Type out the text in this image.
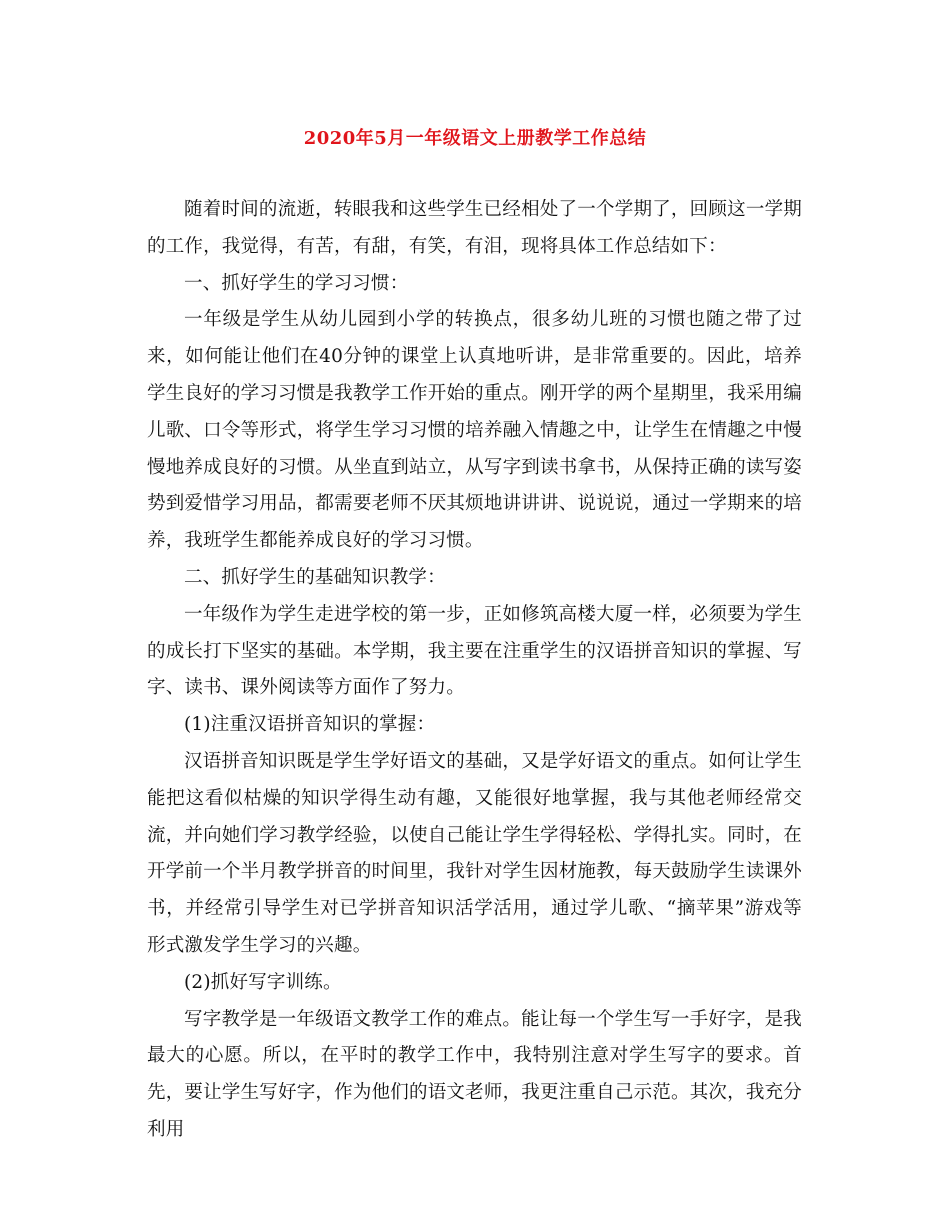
2020年5月一年级语文上册教学工作总结

随着时间的流逝，转眼我和这些学生已经相处了一个学期了，回顾这一学期的工作，我觉得，有苦，有甜，有笑，有泪，现将具体工作总结如下：

一、抓好学生的学习习惯：

一年级是学生从幼儿园到小学的转换点，很多幼儿班的习惯也随之带了过来，如何能让他们在40分钟的课堂上认真地听讲，是非常重要的。因此，培养学生良好的学习习惯是我教学工作开始的重点。刚开学的两个星期里，我采用编儿歌、口令等形式，将学生学习习惯的培养融入情趣之中，让学生在情趣之中慢慢地养成良好的习惯。从坐直到站立，从写字到读书拿书，从保持正确的读写姿势到爱惜学习用品，都需要老师不厌其烦地讲讲讲、说说说，通过一学期来的培养，我班学生都能养成良好的学习习惯。

二、抓好学生的基础知识教学：

一年级作为学生走进学校的第一步，正如修筑高楼大厦一样，必须要为学生的成长打下坚实的基础。本学期，我主要在注重学生的汉语拼音知识的掌握、写字、读书、课外阅读等方面作了努力。

(1)注重汉语拼音知识的掌握：

汉语拼音知识既是学生学好语文的基础，又是学好语文的重点。如何让学生能把这看似枯燥的知识学得生动有趣，又能很好地掌握，我与其他老师经常交流，并向她们学习教学经验，以使自己能让学生学得轻松、学得扎实。同时，在开学前一个半月教学拼音的时间里，我针对学生因材施教，每天鼓励学生读课外书，并经常引导学生对已学拼音知识活学活用，通过学儿歌、“摘苹果”游戏等形式激发学生学习的兴趣。

(2)抓好写字训练。

写字教学是一年级语文教学工作的难点。能让每一个学生写一手好字，是我最大的心愿。所以，在平时的教学工作中，我特别注意对学生写字的要求。首先，要让学生写好字，作为他们的语文老师，我更注重自己示范。其次，我充分利用
